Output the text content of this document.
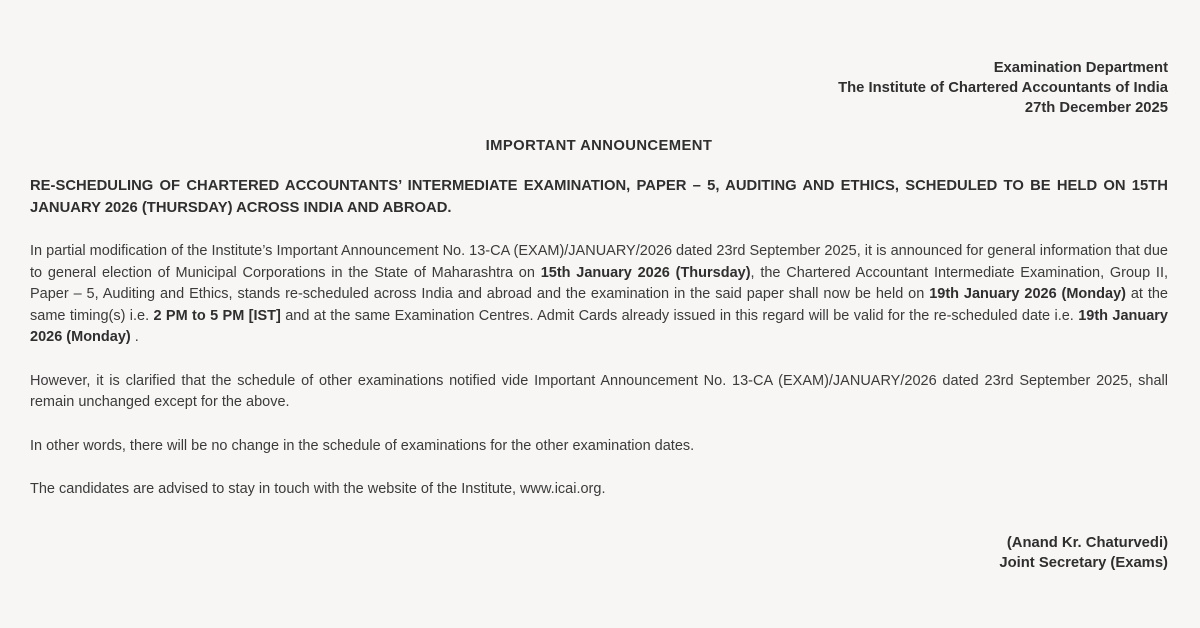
Examination Department
The Institute of Chartered Accountants of India
27th December 2025
IMPORTANT ANNOUNCEMENT
RE-SCHEDULING OF CHARTERED ACCOUNTANTS’ INTERMEDIATE EXAMINATION, PAPER – 5, AUDITING AND ETHICS, SCHEDULED TO BE HELD ON 15TH JANUARY 2026 (THURSDAY) ACROSS INDIA AND ABROAD.

In partial modification of the Institute’s Important Announcement No. 13-CA (EXAM)/JANUARY/2026 dated 23rd September 2025, it is announced for general information that due to general election of Municipal Corporations in the State of Maharashtra on 15th January 2026 (Thursday), the Chartered Accountant Intermediate Examination, Group II, Paper – 5, Auditing and Ethics, stands re-scheduled across India and abroad and the examination in the said paper shall now be held on 19th January 2026 (Monday) at the same timing(s) i.e. 2 PM to 5 PM [IST] and at the same Examination Centres. Admit Cards already issued in this regard will be valid for the re-scheduled date i.e. 19th January 2026 (Monday) .

However, it is clarified that the schedule of other examinations notified vide Important Announcement No. 13-CA (EXAM)/JANUARY/2026 dated 23rd September 2025, shall remain unchanged except for the above.

In other words, there will be no change in the schedule of examinations for the other examination dates.

The candidates are advised to stay in touch with the website of the Institute, www.icai.org.

(Anand Kr. Chaturvedi)
Joint Secretary (Exams)
